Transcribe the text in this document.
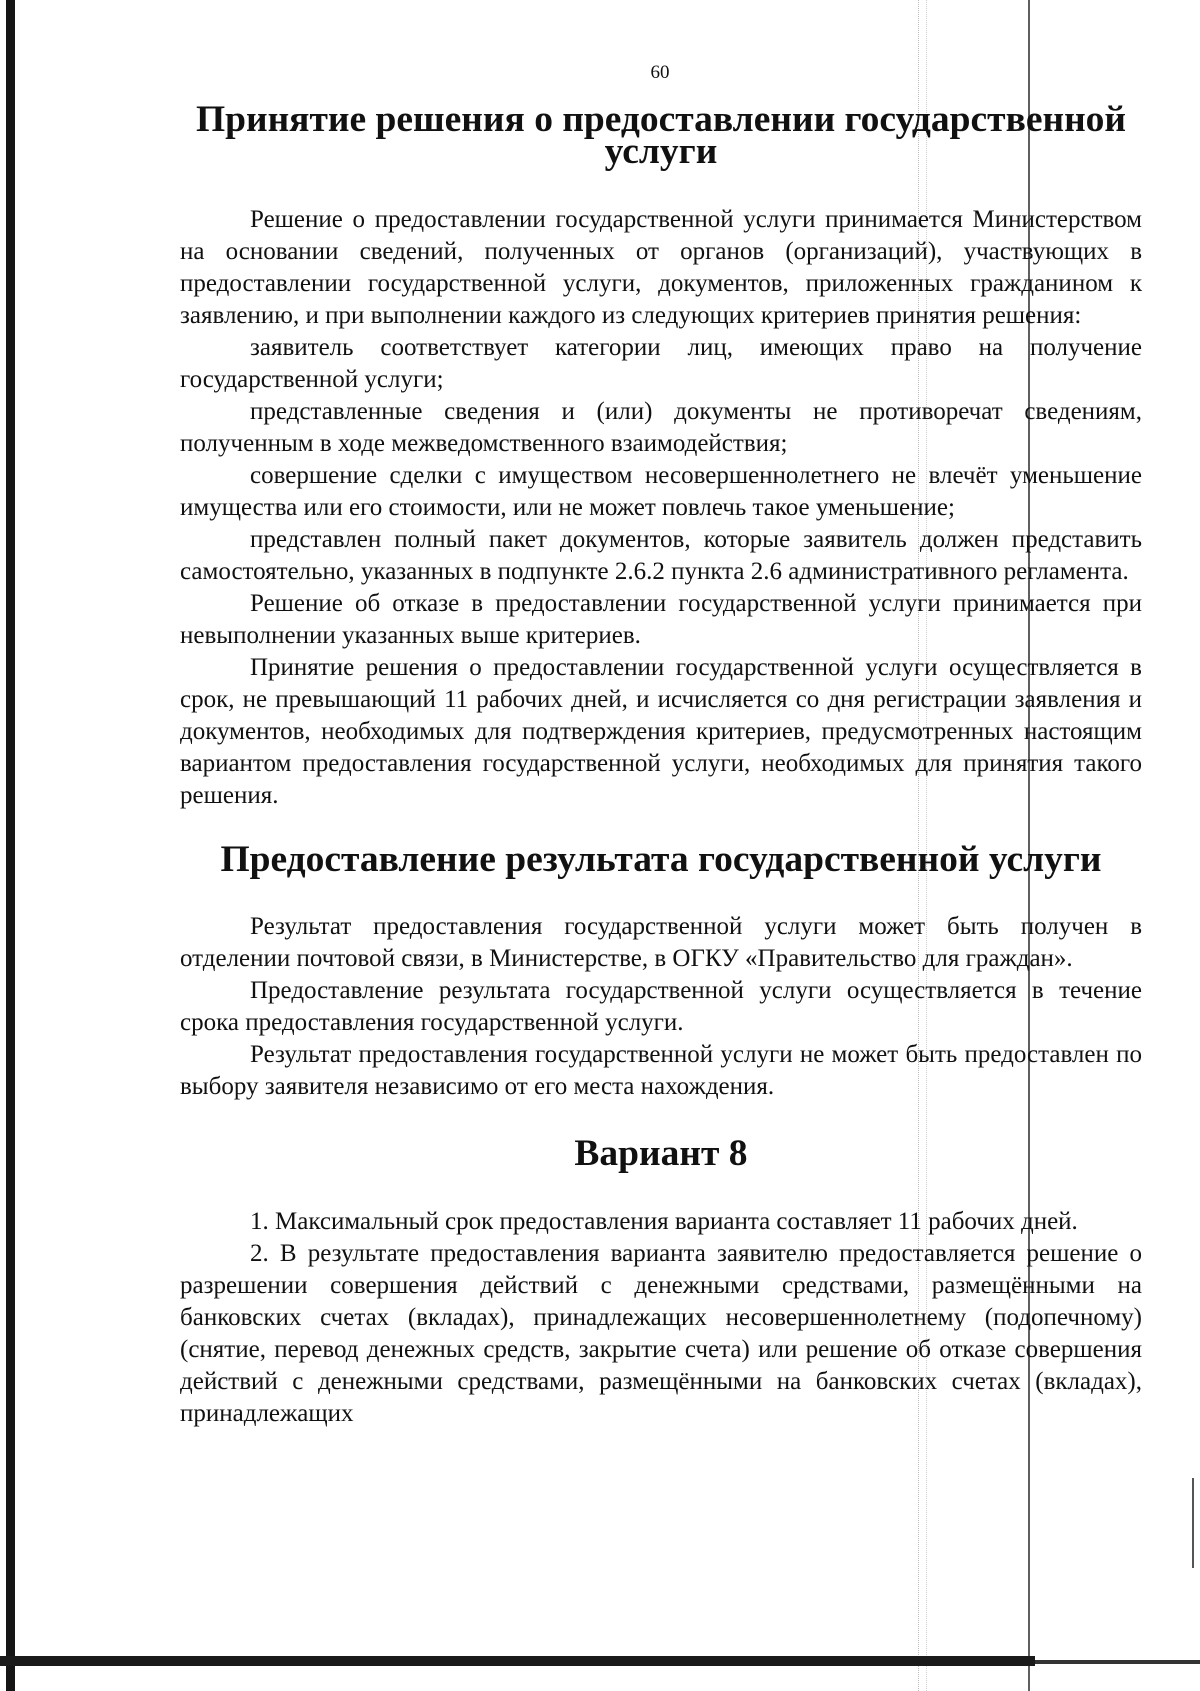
60
Принятие решения о предоставлении государственной услуги

Решение о предоставлении государственной услуги принимается Министерством на основании сведений, полученных от органов (организаций), участвующих в предоставлении государственной услуги, документов, приложенных гражданином к заявлению, и при выполнении каждого из следующих критериев принятия решения:

заявитель соответствует категории лиц, имеющих право на получение государственной услуги;

представленные сведения и (или) документы не противоречат сведениям, полученным в ходе межведомственного взаимодействия;

совершение сделки с имуществом несовершеннолетнего не влечёт уменьшение имущества или его стоимости, или не может повлечь такое уменьшение;

представлен полный пакет документов, которые заявитель должен представить самостоятельно, указанных в подпункте 2.6.2 пункта 2.6 административного регламента.

Решение об отказе в предоставлении государственной услуги принимается при невыполнении указанных выше критериев.

Принятие решения о предоставлении государственной услуги осуществляется в срок, не превышающий 11 рабочих дней, и исчисляется со дня регистрации заявления и документов, необходимых для подтверждения критериев, предусмотренных настоящим вариантом предоставления государственной услуги, необходимых для принятия такого решения.

Предоставление результата государственной услуги

Результат предоставления государственной услуги может быть получен в отделении почтовой связи, в Министерстве, в ОГКУ «Правительство для граждан».

Предоставление результата государственной услуги осуществляется в течение срока предоставления государственной услуги.

Результат предоставления государственной услуги не может быть предоставлен по выбору заявителя независимо от его места нахождения.

Вариант 8

1. Максимальный срок предоставления варианта составляет 11 рабочих дней.

2. В результате предоставления варианта заявителю предоставляется решение о разрешении совершения действий с денежными средствами, размещёнными на банковских счетах (вкладах), принадлежащих несовершеннолетнему (подопечному) (снятие, перевод денежных средств, закрытие счета) или решение об отказе совершения действий с денежными средствами, размещёнными на банковских счетах (вкладах), принадлежащих
